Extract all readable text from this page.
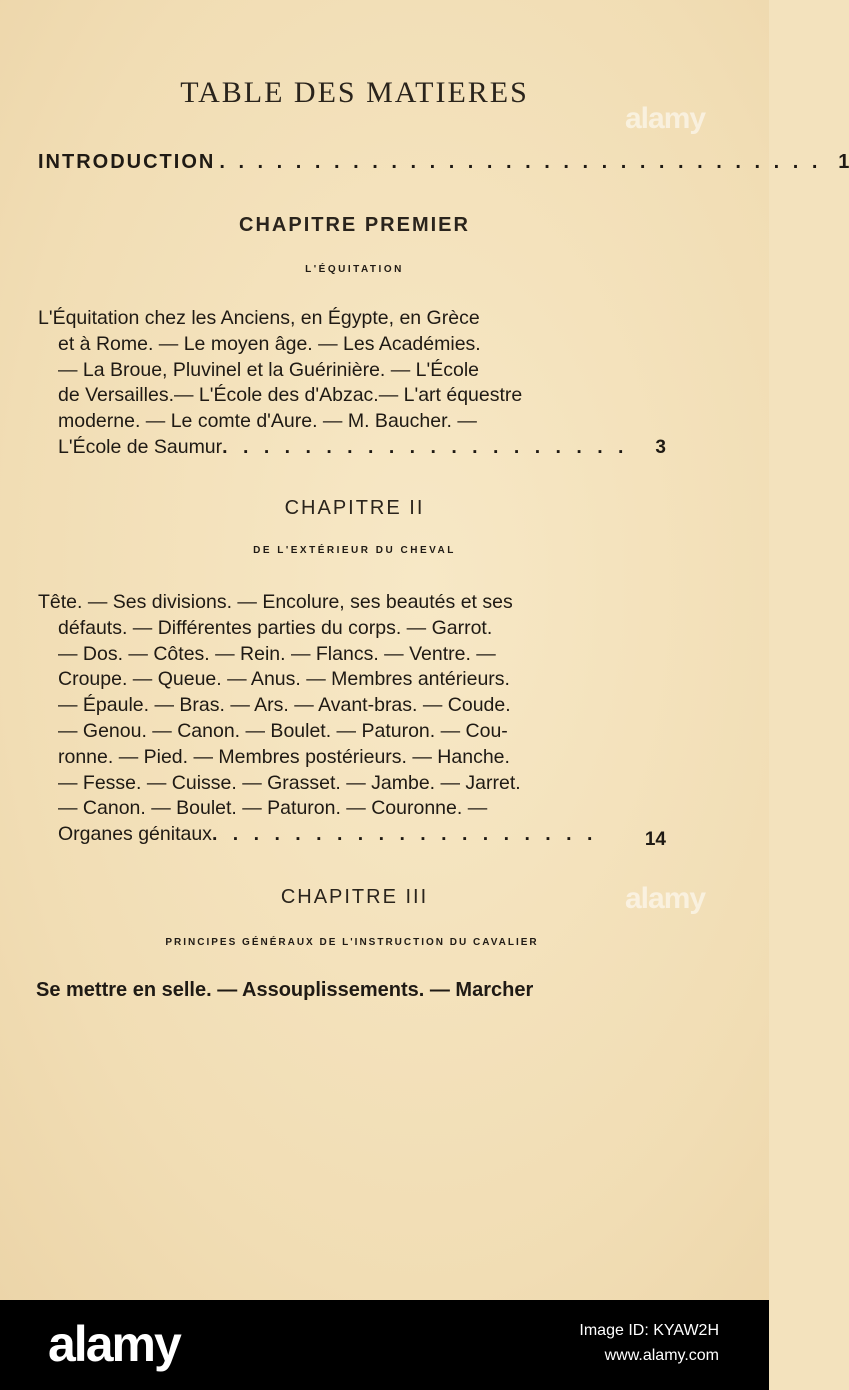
alamy
alamy
TABLE DES MATIERES
INTRODUCTION . . . . . . . . . . . . . . . . . . . . . . . . . . . . . . . . 1
CHAPITRE PREMIER
L'ÉQUITATION
L'Équitation chez les Anciens, en Égypte, en Grèce
et à Rome. — Le moyen âge. — Les Académies.
— La Broue, Pluvinel et la Guérinière. — L'École
de Versailles.— L'École des d'Abzac.— L'art équestre
moderne. — Le comte d'Aure. — M. Baucher. —
L'École de Saumur. . . . . . . . . . . . . . . . . . . .	3
CHAPITRE II
DE L'EXTÉRIEUR DU CHEVAL
Tête. — Ses divisions. — Encolure, ses beautés et ses
défauts. — Différentes parties du corps. — Garrot.
— Dos. — Côtes. — Rein. — Flancs. — Ventre. —
Croupe. — Queue. — Anus. — Membres antérieurs.
— Épaule. — Bras. — Ars. — Avant-bras. — Coude.
— Genou. — Canon. — Boulet. — Paturon. — Cou-
ronne. — Pied. — Membres postérieurs. — Hanche.
— Fesse. — Cuisse. — Grasset. — Jambe. — Jarret.
— Canon. — Boulet. — Paturon. — Couronne. —
Organes génitaux. . . . . . . . . . . . . . . . . . .	14
CHAPITRE III
PRINCIPES GÉNÉRAUX DE L'INSTRUCTION DU CAVALIER
Se mettre en selle. — Assouplissements. — Marcher
alamy	Image ID: KYAW2H
www.alamy.com
